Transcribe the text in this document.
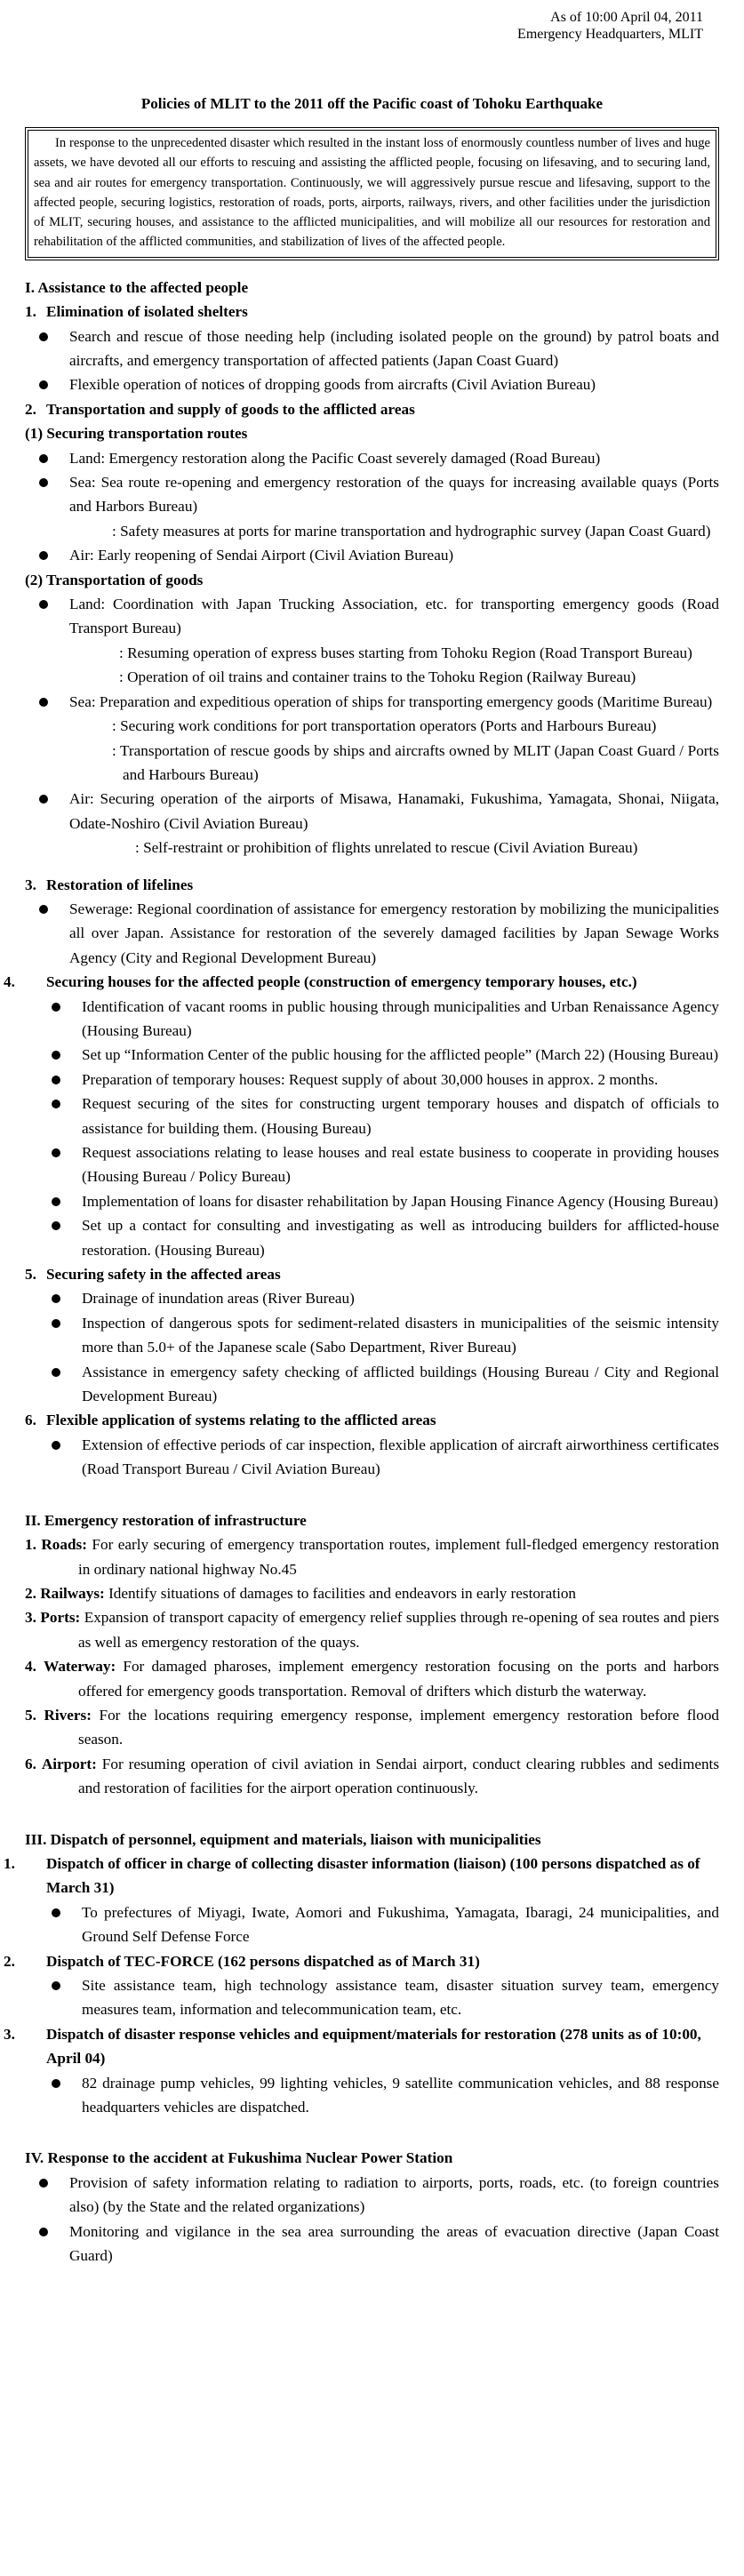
As of 10:00 April 04, 2011
Emergency Headquarters, MLIT
Policies of MLIT to the 2011 off the Pacific coast of Tohoku Earthquake

In response to the unprecedented disaster which resulted in the instant loss of enormously countless number of lives and huge assets, we have devoted all our efforts to rescuing and assisting the afflicted people, focusing on lifesaving, and to securing land, sea and air routes for emergency transportation. Continuously, we will aggressively pursue rescue and lifesaving, support to the affected people, securing logistics, restoration of roads, ports, airports, railways, rivers, and other facilities under the jurisdiction of MLIT, securing houses, and assistance to the afflicted municipalities, and will mobilize all our resources for restoration and rehabilitation of the afflicted communities, and stabilization of lives of the affected people.

I. Assistance to the affected people
1. Elimination of isolated shelters
Search and rescue of those needing help (including isolated people on the ground) by patrol boats and aircrafts, and emergency transportation of affected patients (Japan Coast Guard)
Flexible operation of notices of dropping goods from aircrafts (Civil Aviation Bureau)
2. Transportation and supply of goods to the afflicted areas
(1) Securing transportation routes
Land: Emergency restoration along the Pacific Coast severely damaged (Road Bureau)
Sea: Sea route re-opening and emergency restoration of the quays for increasing available quays (Ports and Harbors Bureau)
: Safety measures at ports for marine transportation and hydrographic survey (Japan Coast Guard)
Air: Early reopening of Sendai Airport (Civil Aviation Bureau)
(2) Transportation of goods
Land: Coordination with Japan Trucking Association, etc. for transporting emergency goods (Road Transport Bureau)
: Resuming operation of express buses starting from Tohoku Region (Road Transport Bureau)
: Operation of oil trains and container trains to the Tohoku Region (Railway Bureau)
Sea: Preparation and expeditious operation of ships for transporting emergency goods (Maritime Bureau)
: Securing work conditions for port transportation operators (Ports and Harbours Bureau)
: Transportation of rescue goods by ships and aircrafts owned by MLIT (Japan Coast Guard / Ports and Harbours Bureau)
Air: Securing operation of the airports of Misawa, Hanamaki, Fukushima, Yamagata, Shonai, Niigata, Odate-Noshiro (Civil Aviation Bureau)
: Self-restraint or prohibition of flights unrelated to rescue (Civil Aviation Bureau)
3. Restoration of lifelines
Sewerage: Regional coordination of assistance for emergency restoration by mobilizing the municipalities all over Japan. Assistance for restoration of the severely damaged facilities by Japan Sewage Works Agency (City and Regional Development Bureau)
4. Securing houses for the affected people (construction of emergency temporary houses, etc.)
Identification of vacant rooms in public housing through municipalities and Urban Renaissance Agency (Housing Bureau)
Set up “Information Center of the public housing for the afflicted people” (March 22) (Housing Bureau)
Preparation of temporary houses: Request supply of about 30,000 houses in approx. 2 months.
Request securing of the sites for constructing urgent temporary houses and dispatch of officials to assistance for building them. (Housing Bureau)
Request associations relating to lease houses and real estate business to cooperate in providing houses (Housing Bureau / Policy Bureau)
Implementation of loans for disaster rehabilitation by Japan Housing Finance Agency (Housing Bureau)
Set up a contact for consulting and investigating as well as introducing builders for afflicted-house restoration. (Housing Bureau)
5. Securing safety in the affected areas
Drainage of inundation areas (River Bureau)
Inspection of dangerous spots for sediment-related disasters in municipalities of the seismic intensity more than 5.0+ of the Japanese scale (Sabo Department, River Bureau)
Assistance in emergency safety checking of afflicted buildings (Housing Bureau / City and Regional Development Bureau)
6. Flexible application of systems relating to the afflicted areas
Extension of effective periods of car inspection, flexible application of aircraft airworthiness certificates (Road Transport Bureau / Civil Aviation Bureau)
II. Emergency restoration of infrastructure

1. Roads: For early securing of emergency transportation routes, implement full-fledged emergency restoration in ordinary national highway No.45

2. Railways: Identify situations of damages to facilities and endeavors in early restoration

3. Ports: Expansion of transport capacity of emergency relief supplies through re-opening of sea routes and piers as well as emergency restoration of the quays.

4. Waterway: For damaged pharoses, implement emergency restoration focusing on the ports and harbors offered for emergency goods transportation. Removal of drifters which disturb the waterway.

5. Rivers: For the locations requiring emergency response, implement emergency restoration before flood season.

6. Airport: For resuming operation of civil aviation in Sendai airport, conduct clearing rubbles and sediments and restoration of facilities for the airport operation continuously.

III. Dispatch of personnel, equipment and materials, liaison with municipalities
1. Dispatch of officer in charge of collecting disaster information (liaison) (100 persons dispatched as of March 31)
To prefectures of Miyagi, Iwate, Aomori and Fukushima, Yamagata, Ibaragi, 24 municipalities, and Ground Self Defense Force
2. Dispatch of TEC-FORCE (162 persons dispatched as of March 31)
Site assistance team, high technology assistance team, disaster situation survey team, emergency measures team, information and telecommunication team, etc.
3. Dispatch of disaster response vehicles and equipment/materials for restoration (278 units as of 10:00, April 04)
82 drainage pump vehicles, 99 lighting vehicles, 9 satellite communication vehicles, and 88 response headquarters vehicles are dispatched.
IV. Response to the accident at Fukushima Nuclear Power Station
Provision of safety information relating to radiation to airports, ports, roads, etc. (to foreign countries also) (by the State and the related organizations)
Monitoring and vigilance in the sea area surrounding the areas of evacuation directive (Japan Coast Guard)
